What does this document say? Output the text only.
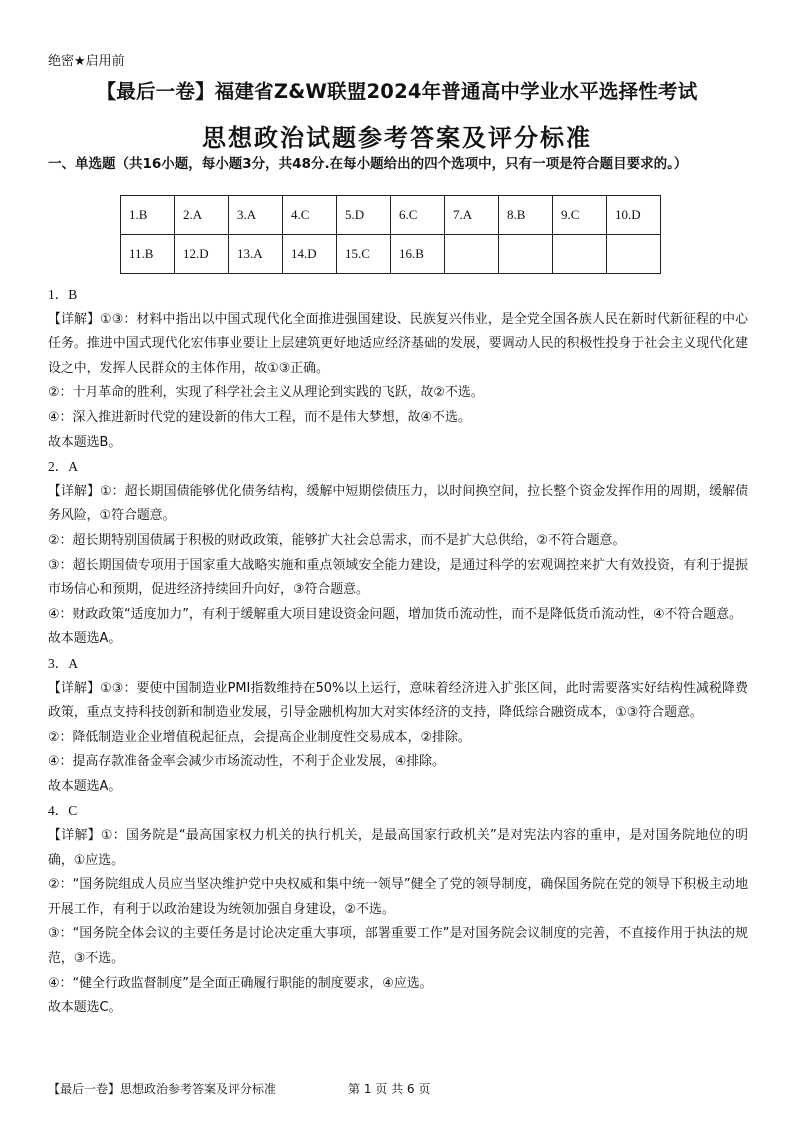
绝密★启用前
【最后一卷】福建省Z&W联盟2024年普通高中学业水平选择性考试
思想政治试题参考答案及评分标准
一、单选题（共16小题，每小题3分，共48分.在每小题给出的四个选项中，只有一项是符合题目要求的。）
1.B	2.A	3.A	4.C	5.D	6.C	7.A	8.B	9.C	10.D
11.B	12.D	13.A	14.D	15.C	16.B				

1．B

【详解】①③：材料中指出以中国式现代化全面推进强国建设、民族复兴伟业，是全党全国各族人民在新时代新征程的中心任务。推进中国式现代化宏伟事业要让上层建筑更好地适应经济基础的发展，要调动人民的积极性投身于社会主义现代化建设之中，发挥人民群众的主体作用，故①③正确。

②：十月革命的胜利，实现了科学社会主义从理论到实践的飞跃，故②不选。

④：深入推进新时代党的建设新的伟大工程，而不是伟大梦想，故④不选。

故本题选B。

2．A

【详解】①：超长期国债能够优化债务结构，缓解中短期偿债压力，以时间换空间，拉长整个资金发挥作用的周期，缓解债务风险，①符合题意。

②：超长期特别国债属于积极的财政政策，能够扩大社会总需求，而不是扩大总供给，②不符合题意。

③：超长期国债专项用于国家重大战略实施和重点领域安全能力建设，是通过科学的宏观调控来扩大有效投资，有利于提振市场信心和预期，促进经济持续回升向好，③符合题意。

④：财政政策“适度加力”，有利于缓解重大项目建设资金问题，增加货币流动性，而不是降低货币流动性，④不符合题意。

故本题选A。

3．A

【详解】①③：要使中国制造业PMI指数维持在50%以上运行，意味着经济进入扩张区间，此时需要落实好结构性减税降费政策，重点支持科技创新和制造业发展，引导金融机构加大对实体经济的支持，降低综合融资成本，①③符合题意。

②：降低制造业企业增值税起征点，会提高企业制度性交易成本，②排除。

④：提高存款准备金率会减少市场流动性，不利于企业发展，④排除。

故本题选A。

4．C

【详解】①：国务院是“最高国家权力机关的执行机关，是最高国家行政机关”是对宪法内容的重申，是对国务院地位的明确，①应选。

②：“国务院组成人员应当坚决维护党中央权威和集中统一领导”健全了党的领导制度，确保国务院在党的领导下积极主动地开展工作，有利于以政治建设为统领加强自身建设，②不选。

③：“国务院全体会议的主要任务是讨论决定重大事项，部署重要工作”是对国务院会议制度的完善，不直接作用于执法的规范，③不选。

④：“健全行政监督制度”是全面正确履行职能的制度要求，④应选。

故本题选C。

【最后一卷】思想政治参考答案及评分标准	第 1 页 共 6 页
